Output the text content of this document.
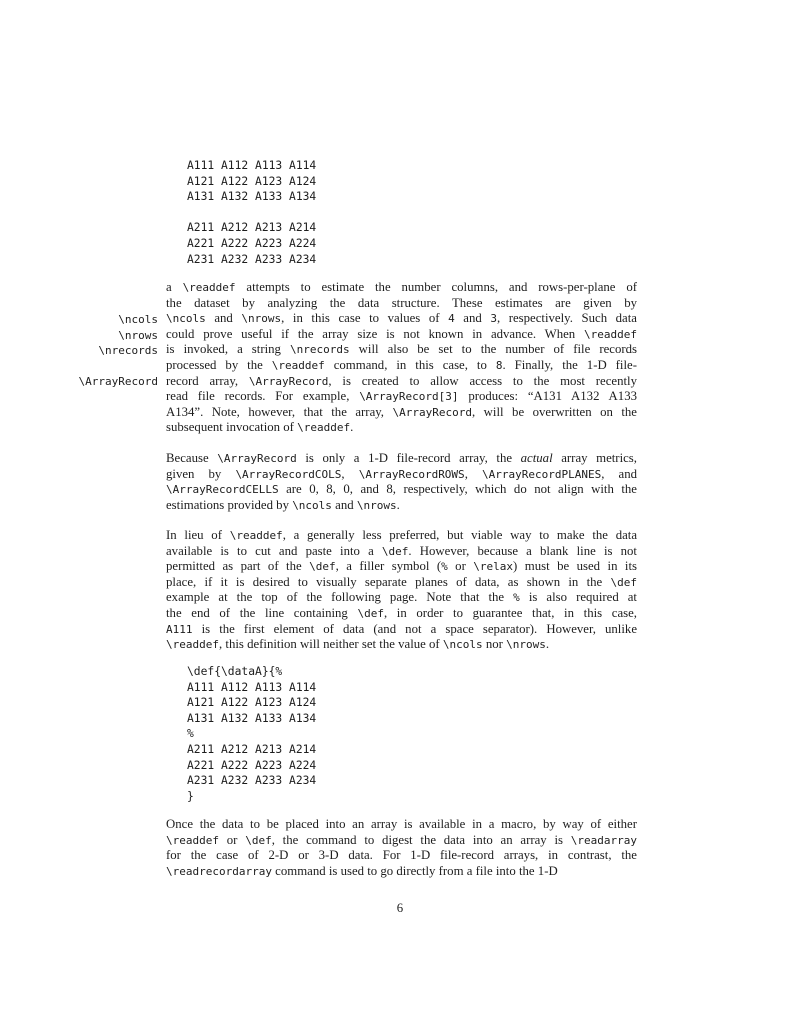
A111 A112 A113 A114
A121 A122 A123 A124
A131 A132 A133 A134

A211 A212 A213 A214
A221 A222 A223 A224
A231 A232 A233 A234
\ncols
\nrows
\nrecords
\ArrayRecord
a \readdef attempts to estimate the number columns, and rows-per-plane of
the dataset by analyzing the data structure. These estimates are given by
\ncols and \nrows, in this case to values of 4 and 3, respectively. Such data
could prove useful if the array size is not known in advance. When \readdef
is invoked, a string \nrecords will also be set to the number of file records
processed by the \readdef command, in this case, to 8. Finally, the 1-D file-
record array, \ArrayRecord, is created to allow access to the most recently
read file records. For example, \ArrayRecord[3] produces: “A131 A132 A133
A134”. Note, however, that the array, \ArrayRecord, will be overwritten on the
subsequent invocation of \readdef.
Because \ArrayRecord is only a 1-D file-record array, the actual array metrics,
given by \ArrayRecordCOLS, \ArrayRecordROWS, \ArrayRecordPLANES, and
\ArrayRecordCELLS are 0, 8, 0, and 8, respectively, which do not align with the
estimations provided by \ncols and \nrows.
In lieu of \readdef, a generally less preferred, but viable way to make the data
available is to cut and paste into a \def. However, because a blank line is not
permitted as part of the \def, a filler symbol (% or \relax) must be used in its
place, if it is desired to visually separate planes of data, as shown in the \def
example at the top of the following page. Note that the % is also required at
the end of the line containing \def, in order to guarantee that, in this case,
A111 is the first element of data (and not a space separator). However, unlike
\readdef, this definition will neither set the value of \ncols nor \nrows.
\def{\dataA}{%
A111 A112 A113 A114
A121 A122 A123 A124
A131 A132 A133 A134
%
A211 A212 A213 A214
A221 A222 A223 A224
A231 A232 A233 A234
}
Once the data to be placed into an array is available in a macro, by way of either
\readdef or \def, the command to digest the data into an array is \readarray
for the case of 2-D or 3-D data. For 1-D file-record arrays, in contrast, the
\readrecordarray command is used to go directly from a file into the 1-D
6
